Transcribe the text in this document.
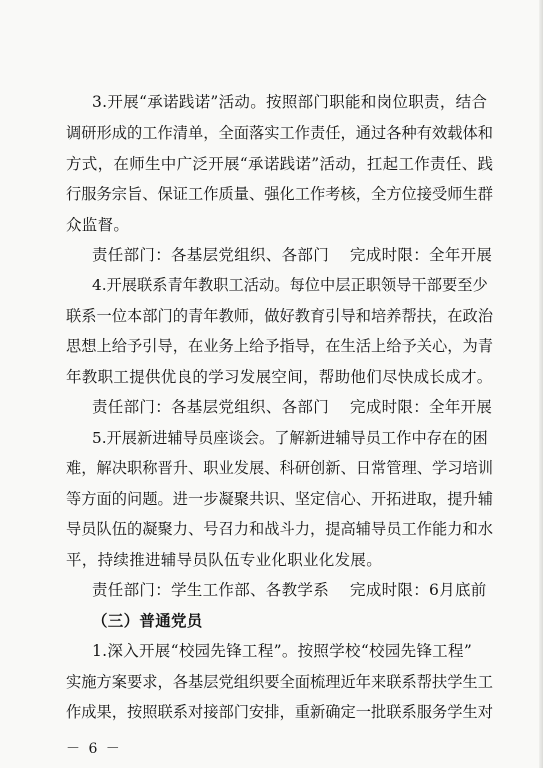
3.开展“承诺践诺”活动。按照部门职能和岗位职责，结合
调研形成的工作清单，全面落实工作责任，通过各种有效载体和
方式，在师生中广泛开展“承诺践诺”活动，扛起工作责任、践
行服务宗旨、保证工作质量、强化工作考核，全方位接受师生群
众监督。
责任部门：各基层党组织、各部门　 完成时限：全年开展
4.开展联系青年教职工活动。每位中层正职领导干部要至少
联系一位本部门的青年教师，做好教育引导和培养帮扶，在政治
思想上给予引导，在业务上给予指导，在生活上给予关心，为青
年教职工提供优良的学习发展空间，帮助他们尽快成长成才。
责任部门：各基层党组织、各部门　 完成时限：全年开展
5.开展新进辅导员座谈会。了解新进辅导员工作中存在的困
难，解决职称晋升、职业发展、科研创新、日常管理、学习培训
等方面的问题。进一步凝聚共识、坚定信心、开拓进取，提升辅
导员队伍的凝聚力、号召力和战斗力，提高辅导员工作能力和水
平，持续推进辅导员队伍专业化职业化发展。
责任部门：学生工作部、各教学系　 完成时限：6月底前
（三）普通党员
1.深入开展“校园先锋工程”。按照学校“校园先锋工程”
实施方案要求，各基层党组织要全面梳理近年来联系帮扶学生工
作成果，按照联系对接部门安排，重新确定一批联系服务学生对
－ 6 －
